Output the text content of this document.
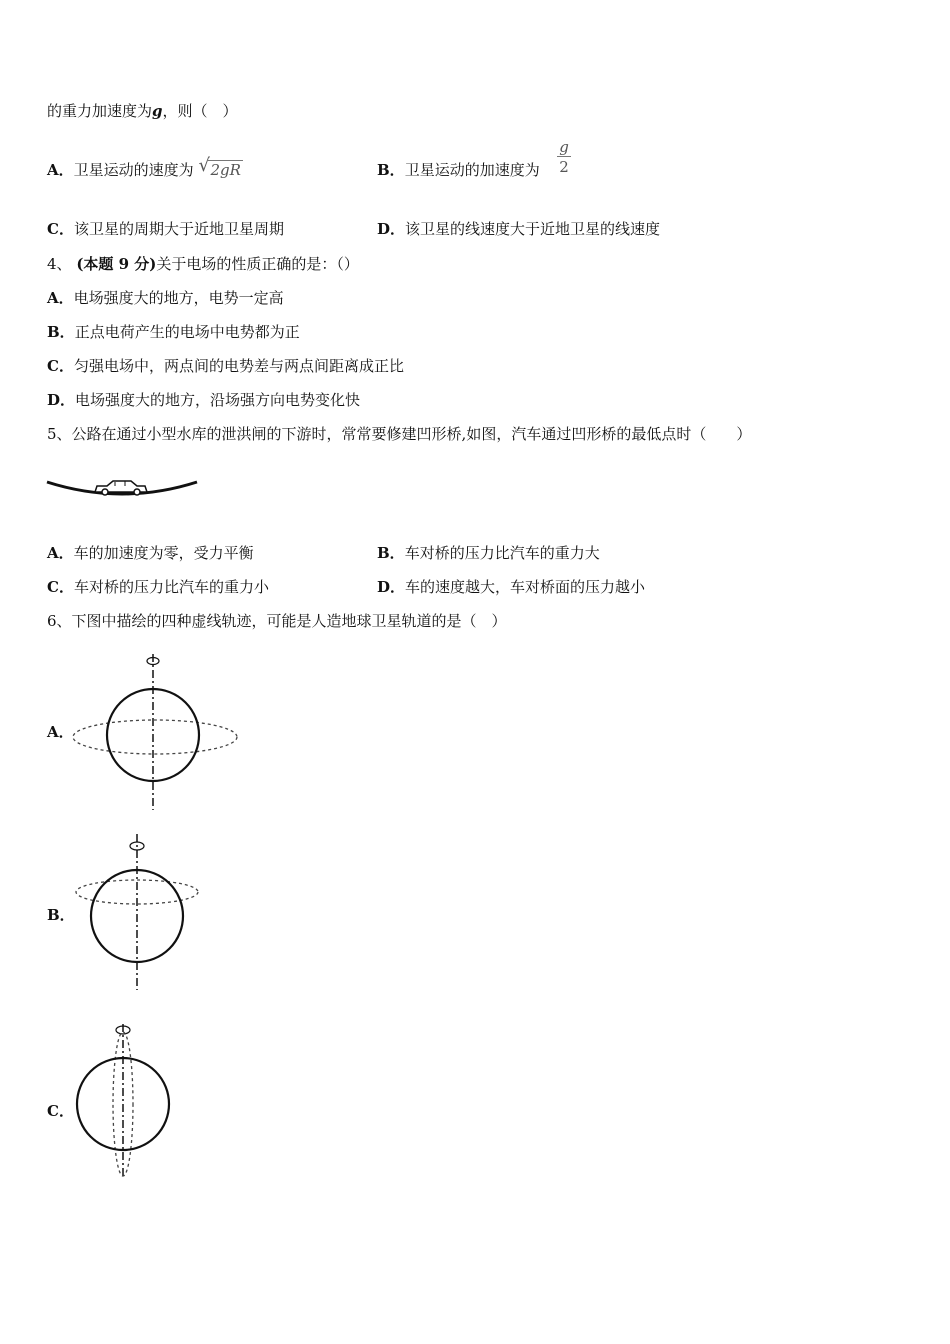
的重力加速度为g，则（　）
A．卫星运动的速度为 √ 2gR	B．卫星运动的加速度为
g
2
C．该卫星的周期大于近地卫星周期	D．该卫星的线速度大于近地卫星的线速度
4、 (本题 9 分)关于电场的性质正确的是：（）
A．电场强度大的地方，电势一定高
B．正点电荷产生的电场中电势都为正
C．匀强电场中，两点间的电势差与两点间距离成正比
D．电场强度大的地方，沿场强方向电势变化快
5、公路在通过小型水库的泄洪闸的下游时，常常要修建凹形桥,如图，汽车通过凹形桥的最低点时（　　）
A．车的加速度为零，受力平衡	B．车对桥的压力比汽车的重力大
C．车对桥的压力比汽车的重力小	D．车的速度越大，车对桥面的压力越小
6、下图中描绘的四种虚线轨迹，可能是人造地球卫星轨道的是（　）
A．
B．
C．
